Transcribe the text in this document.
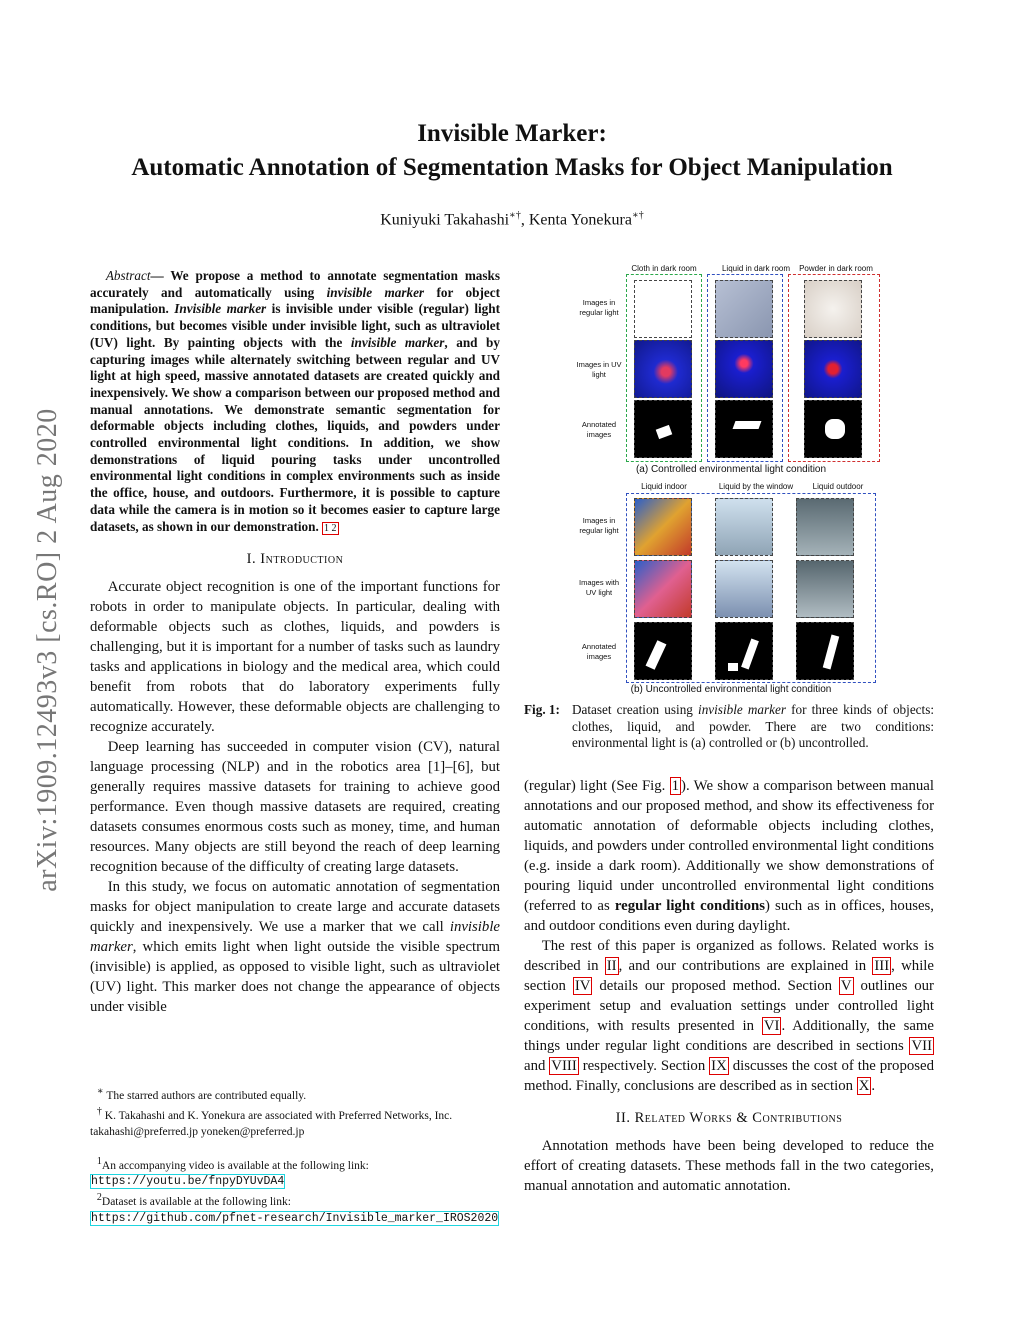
arXiv:1909.12493v3 [cs.RO] 2 Aug 2020
Invisible Marker:
Automatic Annotation of Segmentation Masks for Object Manipulation
Kuniyuki Takahashi∗†, Kenta Yonekura∗†
Abstract— We propose a method to annotate segmentation masks accurately and automatically using invisible marker for object manipulation. Invisible marker is invisible under visible (regular) light conditions, but becomes visible under invisible light, such as ultraviolet (UV) light. By painting objects with the invisible marker, and by capturing images while alternately switching between regular and UV light at high speed, massive annotated datasets are created quickly and inexpensively. We show a comparison between our proposed method and manual annotations. We demonstrate semantic segmentation for deformable objects including clothes, liquids, and powders under controlled environmental light conditions. In addition, we show demonstrations of liquid pouring tasks under uncontrolled environmental light conditions in complex environments such as inside the office, house, and outdoors. Furthermore, it is possible to capture data while the camera is in motion so it becomes easier to capture large datasets, as shown in our demonstration. 1 2
I. Introduction

Accurate object recognition is one of the important functions for robots in order to manipulate objects. In particular, dealing with deformable objects such as clothes, liquids, and powders is challenging, but it is important for a number of tasks such as laundry tasks and applications in biology and the medical area, which could benefit from robots that do laboratory experiments fully automatically. However, these deformable objects are challenging to recognize accurately.

Deep learning has succeeded in computer vision (CV), natural language processing (NLP) and in the robotics area [1]–[6], but generally requires massive datasets for training to achieve good performance. Even though massive datasets are required, creating datasets consumes enormous costs such as money, time, and human resources. Many objects are still beyond the reach of deep learning recognition because of the difficulty of creating large datasets.

In this study, we focus on automatic annotation of segmentation masks for object manipulation to create large and accurate datasets quickly and inexpensively. We use a marker that we call invisible marker, which emits light when light outside the visible spectrum (invisible) is applied, as opposed to visible light, such as ultraviolet (UV) light. This marker does not change the appearance of objects under visible

∗ The starred authors are contributed equally.
† K. Takahashi and K. Yonekura are associated with Preferred Networks, Inc. takahashi@preferred.jp yoneken@preferred.jp
$^1$An accompanying video is available at the following link:
https://youtu.be/fnpyDYUvDA4
$^2$Dataset is available at the following link:
https://github.com/pfnet-research/Invisible_marker_IROS2020
Cloth in dark room	Liquid in dark room	Powder in dark room
Images in regular light
Images in UV light
Annotated images
(a) Controlled environmental light condition
Liquid indoor	Liquid by the window	Liquid outdoor
Images in regular light
Images with UV light
Annotated images
(b) Uncontrolled environmental light condition
Fig. 1: Dataset creation using invisible marker for three kinds of objects: clothes, liquid, and powder. There are two conditions: environmental light is (a) controlled or (b) uncontrolled.

(regular) light (See Fig. 1 ). We show a comparison between manual annotations and our proposed method, and show its effectiveness for automatic annotation of deformable objects including clothes, liquids, and powders under controlled environmental light conditions (e.g. inside a dark room). Additionally we show demonstrations of pouring liquid under uncontrolled environmental light conditions (referred to as regular light conditions) such as in offices, houses, and outdoor conditions even during daylight.

The rest of this paper is organized as follows. Related works is described in II , and our contributions are explained in III , while section IV details our proposed method. Section V outlines our experiment setup and evaluation settings under controlled light conditions, with results presented in VI . Additionally, the same things under regular light conditions are described in sections VII and VIII respectively. Section IX discusses the cost of the proposed method. Finally, conclusions are described as in section X .

II. Related Works & Contributions

Annotation methods have been being developed to reduce the effort of creating datasets. These methods fall in the two categories, manual annotation and automatic annotation.
